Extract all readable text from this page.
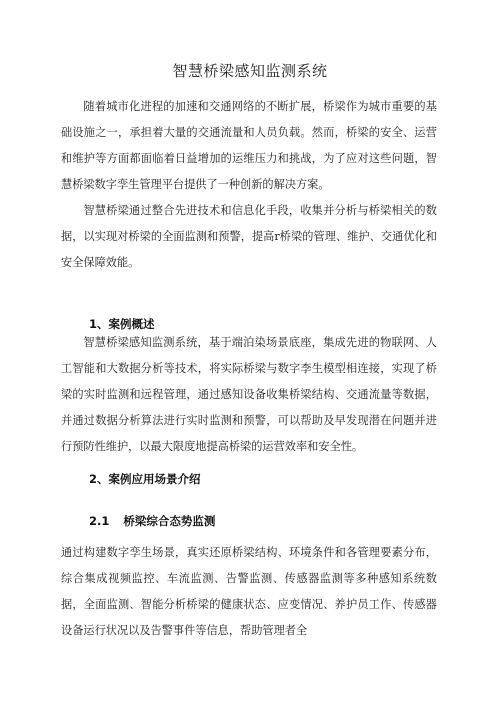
智慧桥梁感知监测系统
随着城市化进程的加速和交通网络的不断扩展，桥梁作为城市重要的基础设施之一，承担着大量的交通流量和人员负载。然而，桥梁的安全、运营和维护等方面都面临着日益增加的运维压力和挑战，为了应对这些问题，智慧桥梁数字孪生管理平台提供了一种创新的解决方案。
智慧桥梁通过整合先进技术和信息化手段，收集并分析与桥梁相关的数据，以实现对桥梁的全面监测和预警，提高r桥梁的管理、维护、交通优化和安全保障效能。
1、案例概述
智慧桥梁感知监测系统，基于端泊染场景底座，集成先进的物联网、人工智能和大数据分析等技术，将实际桥梁与数字李生模型相连接，实现了桥梁的实时监测和远程管理，通过感知设备收集桥梁结构、交通流量等数据，并通过数据分析算法进行实时监测和预警，可以帮助及早发现潜在问题并进行预防性维护，以最大限度地提高桥梁的运营效率和安全性。
2、案例应用场景介绍
2.1 桥梁综合态势监测
通过构建数字孪生场景，真实还原桥梁结构、环境条件和各管理要素分布，综合集成视频监控、车流监测、告警监测、传感器监测等多种感知系统数据，全面监测、智能分析桥梁的健康状态、应变情况、养护员工作、传感器设备运行状况以及告警事件等信息，帮助管理者全
